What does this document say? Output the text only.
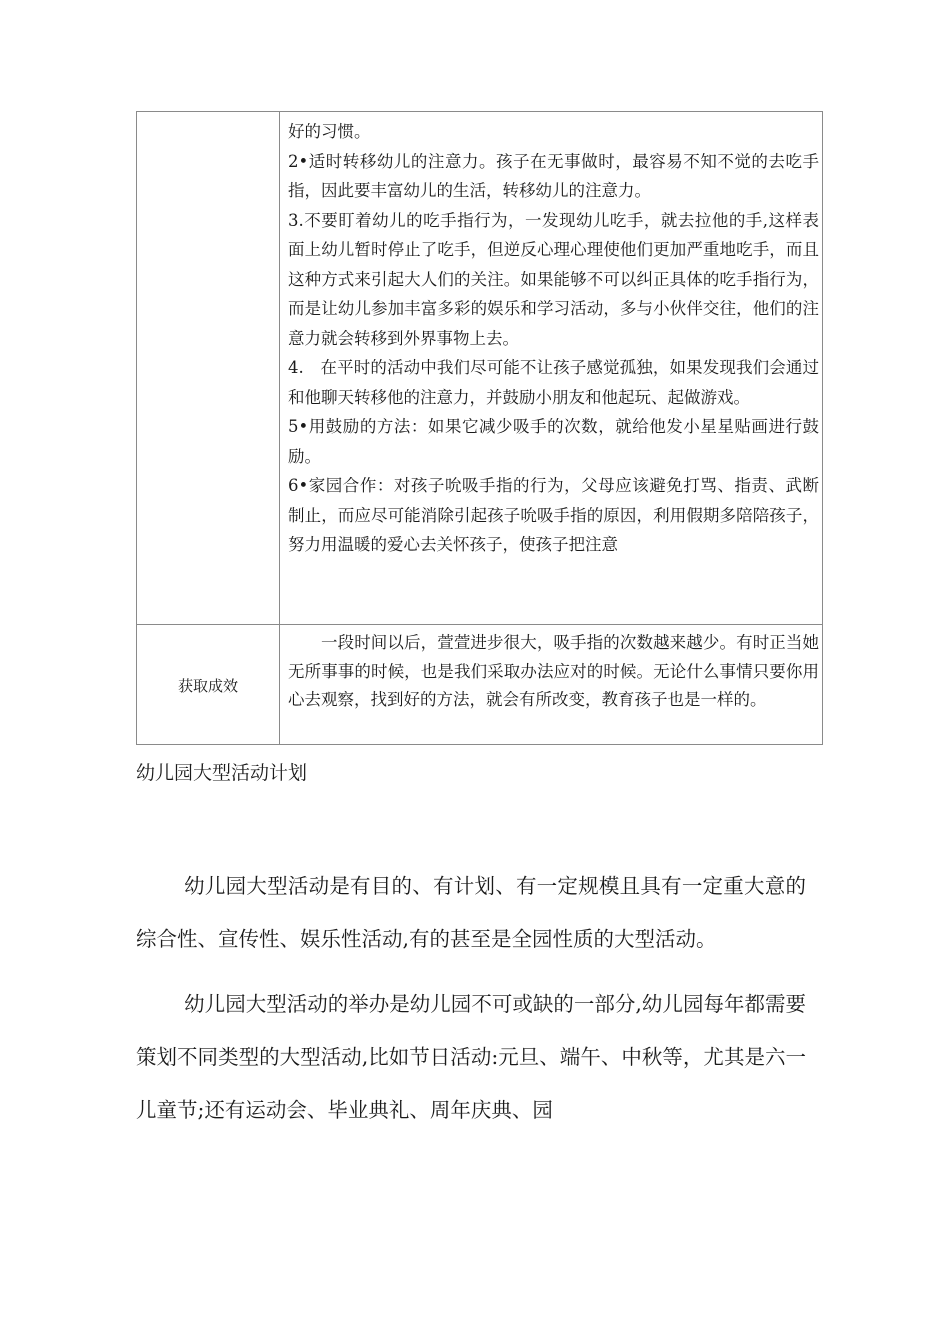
好的习惯。

2•适时转移幼儿的注意力。孩子在无事做时，最容易不知不觉的去吃手指，因此要丰富幼儿的生活，转移幼儿的注意力。

3.不要盯着幼儿的吃手指行为，一发现幼儿吃手，就去拉他的手,这样表面上幼儿暂时停止了吃手，但逆反心理心理使他们更加严重地吃手，而且这种方式来引起大人们的关注。如果能够不可以纠正具体的吃手指行为，而是让幼儿参加丰富多彩的娱乐和学习活动，多与小伙伴交往，他们的注意力就会转移到外界事物上去。

4.　在平时的活动中我们尽可能不让孩子感觉孤独，如果发现我们会通过和他聊天转移他的注意力，并鼓励小朋友和他起玩、起做游戏。

5•用鼓励的方法：如果它减少吸手的次数，就给他发小星星贴画进行鼓励。

6•家园合作：对孩子吮吸手指的行为，父母应该避免打骂、指责、武断制止，而应尽可能消除引起孩子吮吸手指的原因，利用假期多陪陪孩子，努力用温暖的爱心去关怀孩子，使孩子把注意

获取成效

一段时间以后，萱萱进步很大，吸手指的次数越来越少。有时正当她无所事事的时候，也是我们采取办法应对的时候。无论什么事情只要你用心去观察，找到好的方法，就会有所改变，教育孩子也是一样的。

幼儿园大型活动计划

幼儿园大型活动是有目的、有计划、有一定规模且具有一定重大意的综合性、宣传性、娱乐性活动,有的甚至是全园性质的大型活动。

幼儿园大型活动的举办是幼儿园不可或缺的一部分,幼儿园每年都需要策划不同类型的大型活动,比如节日活动:元旦、端午、中秋等，尤其是六一儿童节;还有运动会、毕业典礼、周年庆典、园
